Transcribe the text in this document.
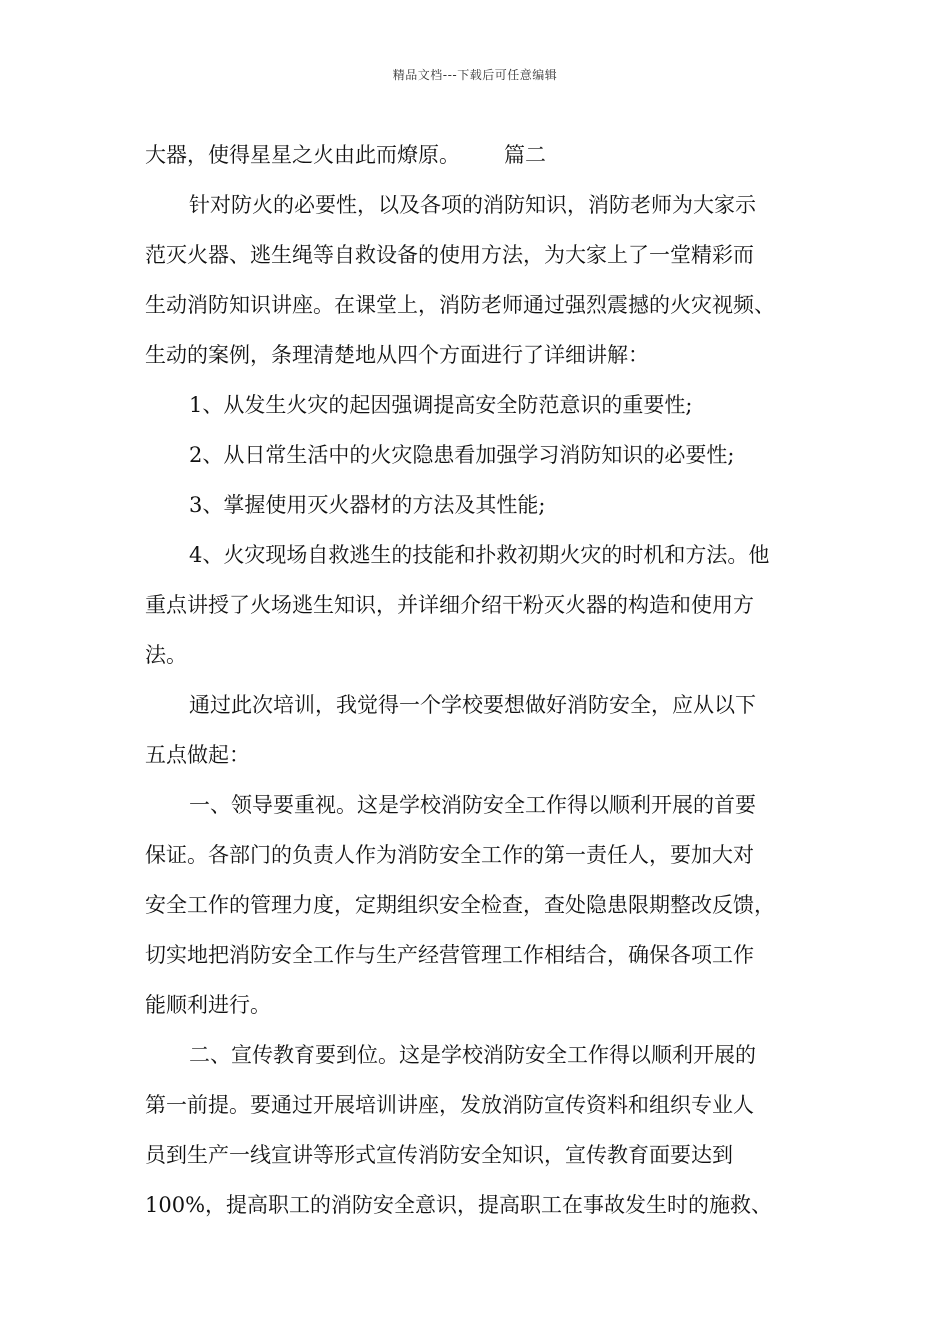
精品文档---下载后可任意编辑
大器，使得星星之火由此而燎原。 篇二
针对防火的必要性，以及各项的消防知识，消防老师为大家示
范灭火器、逃生绳等自救设备的使用方法，为大家上了一堂精彩而
生动消防知识讲座。在课堂上，消防老师通过强烈震撼的火灾视频、
生动的案例，条理清楚地从四个方面进行了详细讲解：
1、从发生火灾的起因强调提高安全防范意识的重要性;
2、从日常生活中的火灾隐患看加强学习消防知识的必要性;
3、掌握使用灭火器材的方法及其性能;
4、火灾现场自救逃生的技能和扑救初期火灾的时机和方法。他
重点讲授了火场逃生知识，并详细介绍干粉灭火器的构造和使用方
法。
通过此次培训，我觉得一个学校要想做好消防安全，应从以下
五点做起：
一、领导要重视。这是学校消防安全工作得以顺利开展的首要
保证。各部门的负责人作为消防安全工作的第一责任人，要加大对
安全工作的管理力度，定期组织安全检查，查处隐患限期整改反馈，
切实地把消防安全工作与生产经营管理工作相结合，确保各项工作
能顺利进行。
二、宣传教育要到位。这是学校消防安全工作得以顺利开展的
第一前提。要通过开展培训讲座，发放消防宣传资料和组织专业人
员到生产一线宣讲等形式宣传消防安全知识，宣传教育面要达到
100%，提高职工的消防安全意识，提高职工在事故发生时的施救、
